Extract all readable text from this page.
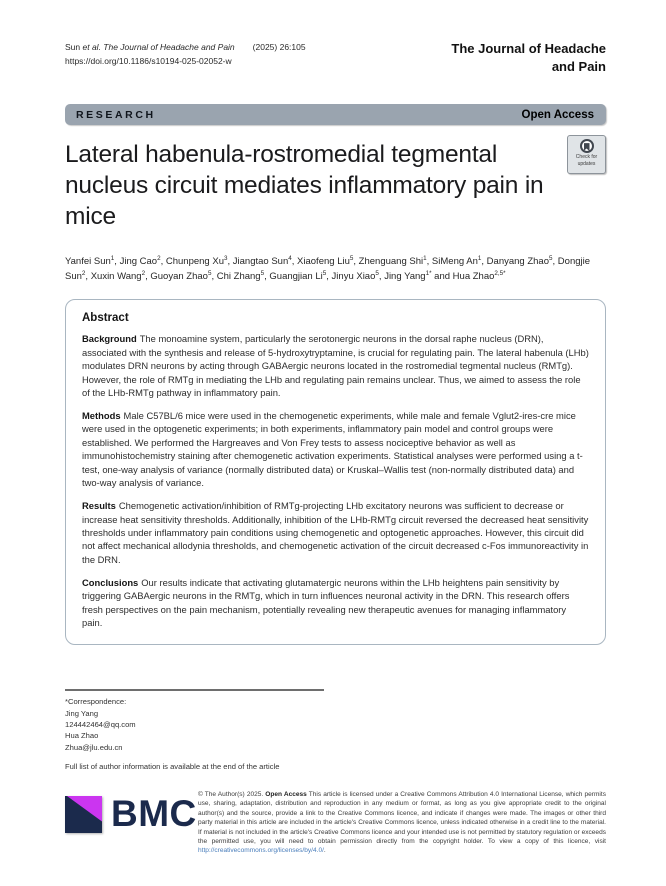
Sun et al. The Journal of Headache and Pain (2025) 26:105
https://doi.org/10.1186/s10194-025-02052-w
The Journal of Headache
and Pain
RESEARCH	Open Access
Lateral habenula-rostromedial tegmental nucleus circuit mediates inflammatory pain in mice
Check for
updates
Yanfei Sun$^1$, Jing Cao$^2$, Chunpeng Xu$^3$, Jiangtao Sun$^4$, Xiaofeng Liu$^5$, Zhenguang Shi$^1$, SiMeng An$^1$, Danyang Zhao$^5$, Dongjie Sun$^2$, Xuxin Wang$^2$, Guoyan Zhao$^5$, Chi Zhang$^5$, Guangjian Li$^5$, Jinyu Xiao$^5$, Jing Yang$^{1*}$ and Hua Zhao$^{2,5*}$
Abstract

Background The monoamine system, particularly the serotonergic neurons in the dorsal raphe nucleus (DRN), associated with the synthesis and release of 5-hydroxytryptamine, is crucial for regulating pain. The lateral habenula (LHb) modulates DRN neurons by acting through GABAergic neurons located in the rostromedial tegmental nucleus (RMTg). However, the role of RMTg in mediating the LHb and regulating pain remains unclear. Thus, we aimed to assess the role of the LHb-RMTg pathway in inflammatory pain.

Methods Male C57BL/6 mice were used in the chemogenetic experiments, while male and female Vglut2-ires-cre mice were used in the optogenetic experiments; in both experiments, inflammatory pain model and control groups were established. We performed the Hargreaves and Von Frey tests to assess nociceptive behavior as well as immunohistochemistry staining after chemogenetic activation experiments. Statistical analyses were performed using a t-test, one-way analysis of variance (normally distributed data) or Kruskal–Wallis test (non-normally distributed data) and two-way analysis of variance.

Results Chemogenetic activation/inhibition of RMTg-projecting LHb excitatory neurons was sufficient to decrease or increase heat sensitivity thresholds. Additionally, inhibition of the LHb-RMTg circuit reversed the decreased heat sensitivity thresholds under inflammatory pain conditions using chemogenetic and optogenetic approaches. However, this circuit did not affect mechanical allodynia thresholds, and chemogenetic activation of the circuit decreased c-Fos immunoreactivity in the DRN.

Conclusions Our results indicate that activating glutamatergic neurons within the LHb heightens pain sensitivity by triggering GABAergic neurons in the RMTg, which in turn influences neuronal activity in the DRN. This research offers fresh perspectives on the pain mechanism, potentially revealing new therapeutic avenues for managing inflammatory pain.

*Correspondence:
Jing Yang
124442464@qq.com
Hua Zhao
Zhua@jlu.edu.cn
Full list of author information is available at the end of the article
BMC © The Author(s) 2025. Open Access This article is licensed under a Creative Commons Attribution 4.0 International License, which permits use, sharing, adaptation, distribution and reproduction in any medium or format, as long as you give appropriate credit to the original author(s) and the source, provide a link to the Creative Commons licence, and indicate if changes were made. The images or other third party material in this article are included in the article's Creative Commons licence, unless indicated otherwise in a credit line to the material. If material is not included in the article's Creative Commons licence and your intended use is not permitted by statutory regulation or exceeds the permitted use, you will need to obtain permission directly from the copyright holder. To view a copy of this licence, visit http://creativecommons.org/licenses/by/4.0/.
